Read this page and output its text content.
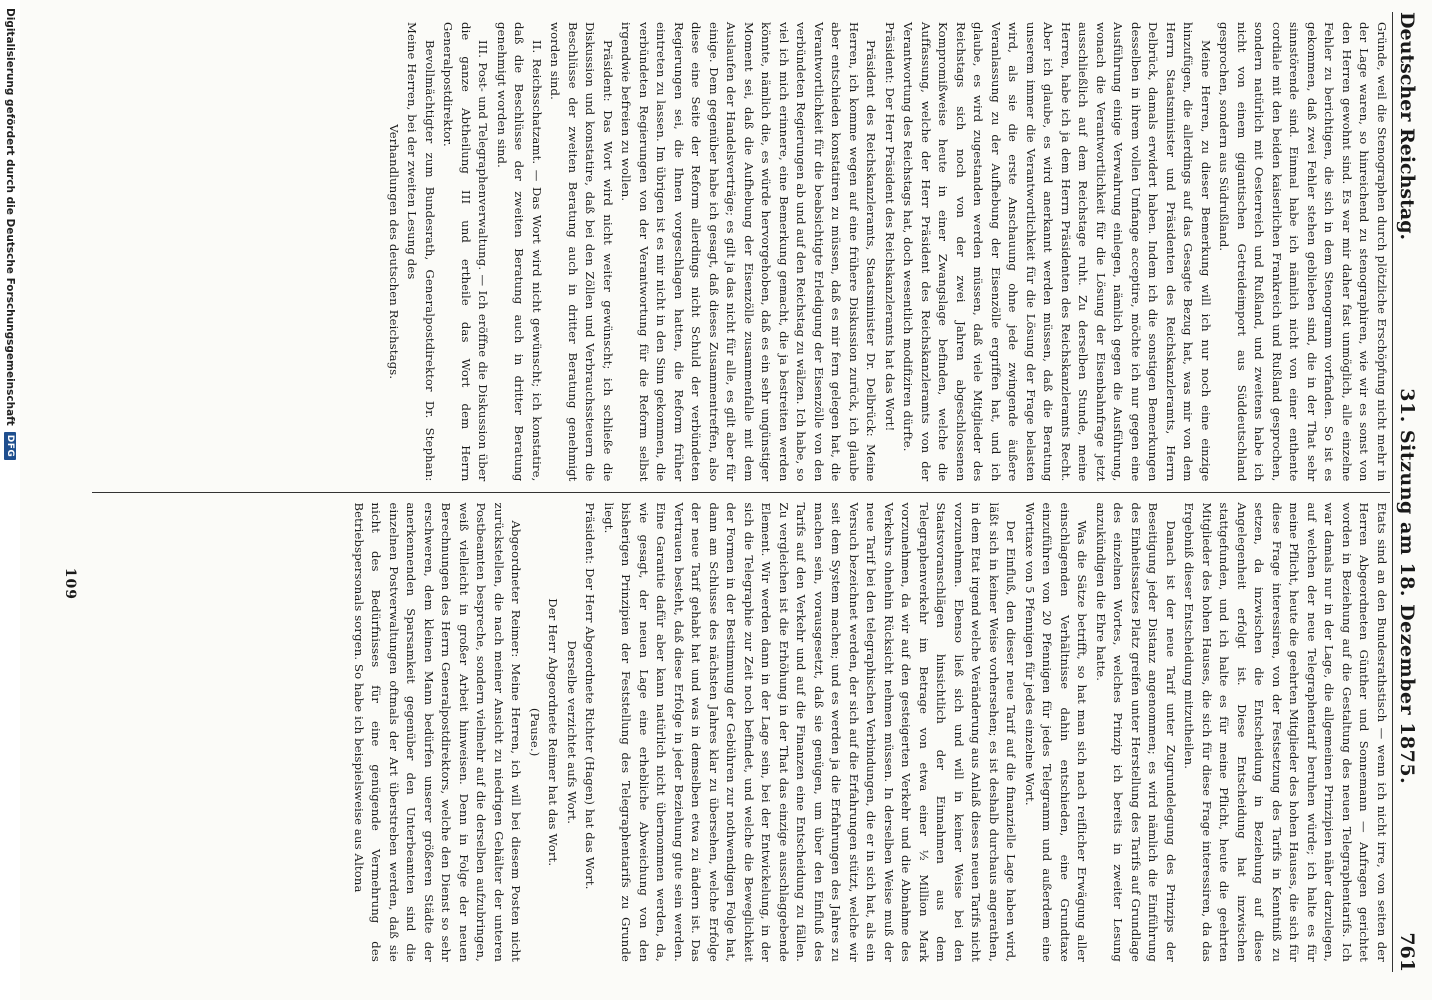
Deutscher Reichstag.
31. Sitzung am 18. Dezember 1875.
761

Gründe, weil die Stenographen durch plötzliche Erschöpfung nicht mehr in der Lage waren, so hinreichend zu stenographiren, wie wir es sonst von den Herren gewohnt sind. Es war mir daher fast unmöglich, alle einzelne Fehler zu berichtigen, die sich in dem Stenogramm vorfanden. So ist es gekommen, daß zwei Fehler stehen geblieben sind, die in der That sehr sinnstörende sind. Einmal habe ich nämlich nicht von einer enthente cordiale mit den beiden kaiserlichen Frankreich und Rußland gesprochen, sondern natürlich mit Oesterreich und Rußland, und zweitens habe ich nicht von einem gigantischen Getreideimport aus Süddeutschland gesprochen, sondern aus Südrußland.

Meine Herren, zu dieser Bemerkung will ich nur noch eine einzige hinzufügen, die allerdings auf das Gesagte Bezug hat, was mir von dem Herrn Staatsminister und Präsidenten des Reichskanzleramts, Herrn Delbrück, damals erwidert haben. Indem ich die sonstigen Bemerkungen desselben in ihrem vollen Umfange acceptire, möchte ich nur gegen eine Ausführung einige Verwahrung einlegen, nämlich gegen die Ausführung, wonach die Verantwortlichkeit für die Lösung der Eisenbahnfrage jetzt ausschließlich auf dem Reichstage ruht. Zu derselben Stunde, meine Herren, habe ich ja dem Herrn Präsidenten des Reichskanzleramts Recht. Aber ich glaube, es wird anerkannt werden müssen, daß die Beratung unserem immer die Verantwortlichkeit für die Lösung der Frage belasten wird, als sie die erste Anschauung ohne jede zwingende äußere Veranlassung zu der Aufhebung der Eisenzölle ergriffen hat, und ich glaube, es wird zugestanden werden müssen, daß viele Mitglieder des Reichstags sich noch von der zwei Jahren abgeschlossenen Kompromißweise heute in einer Zwangslage befinden, welche die Auffassung, welche der Herr Präsident des Reichskanzleramts von der Verantwortung des Reichstags hat, doch wesentlich modifiziren dürfte.

Präsident: Der Herr Präsident des Reichskanzleramts hat das Wort!

Präsident des Reichskanzleramts, Staatsminister Dr. Delbrück: Meine Herren, ich komme wegen auf eine frühere Diskussion zurück, ich glaube aber entschieden konstatiren zu müssen, daß es mir fern gelegen hat, die Verantwortlichkeit für die beabsichtigte Erledigung der Eisenzölle von den verbündeten Regierungen ab und auf den Reichstag zu wälzen. Ich habe, so viel ich mich erinnere, eine Bemerkung gemacht, die ja bestreiten werden könnte, nämlich die, es würde hervorgehoben, daß es ein sehr ungünstiger Moment sei, daß die Aufhebung der Eisenzölle zusammenfalle mit dem Auslaufen der Handelsverträge; es gilt ja das nicht für alle, es gilt aber für einige. Dem gegenüber habe ich gesagt, daß dieses Zusammentreffen, also diese eine Seite der Reform allerdings nicht Schuld der verbündeten Regierungen sei, die Ihnen vorgeschlagen hatten, die Reform früher eintreten zu lassen. Im übrigen ist es mir nicht in den Sinn gekommen, die verbündeten Regierungen von der Verantwortung für die Reform selbst irgendwie befreien zu wollen.

Präsident: Das Wort wird nicht weiter gewünscht; ich schließe die Diskussion und konstatire, daß bei den Zöllen und Verbrauchssteuern die Beschlüsse der zweiten Beratung auch in dritter Beratung genehmigt worden sind.

II. Reichsschatzamt. — Das Wort wird nicht gewünscht; ich konstatire, daß die Beschlüsse der zweiten Beratung auch in dritter Beratung genehmigt worden sind.

III. Post- und Telegraphenverwaltung. — Ich eröffne die Diskussion über die ganze Abtheilung III und ertheile das Wort dem Herrn Generalpostdirektor.

Bevollmächtigter zum Bundesrath, Generalpostdirektor Dr. Stephan: Meine Herren, bei der zweiten Lesung des

Verhandlungen des deutschen Reichstags.

Etats sind an den Bundesrathstisch — wenn ich nicht irre, von seiten der Herren Abgeordneten Günther und Sonnemann — Anfragen gerichtet worden in Beziehung auf die Gestaltung des neuen Telegraphentarifs. Ich war damals nur in der Lage, die allgemeinen Prinzipien näher darzulegen, auf welchen der neue Telegraphentarif beruhen würde; ich halte es für meine Pflicht, heute die geehrten Mitglieder des hohen Hauses, die sich für diese Frage interessiren, von der Festsetzung des Tarifs in Kenntniß zu setzen, da inzwischen die Entscheidung in Beziehung auf diese Angelegenheit erfolgt ist. Diese Entscheidung hat inzwischen stattgefunden, und ich halte es für meine Pflicht, heute die geehrten Mitglieder des hohen Hauses, die sich für diese Frage interessiren, da das Ergebniß dieser Entscheidung mitzutheilen.

Danach ist der neue Tarif unter Zugrundelegung des Prinzips der Beseitigung jeder Distanz angenommen; es wird nämlich die Einführung des Einheitssatzes Platz greifen unter Herstellung des Tarifs auf Grundlage des einzelnen Wortes, welches Prinzip ich bereits in zweiter Lesung anzukündigen die Ehre hatte.

Was die Sätze betrifft, so hat man sich nach reiflicher Erwägung aller einschlagenden Verhältnisse dahin entschieden, eine Grundtaxe einzuführen von 20 Pfennigen für jedes Telegramm und außerdem eine Worttaxe von 5 Pfennigen für jedes einzelne Wort.

Der Einfluß, den dieser neue Tarif auf die finanzielle Lage haben wird, läßt sich in keiner Weise vorhersehen; es ist deshalb durchaus angerathen, in dem Etat irgend welche Veränderung aus Anlaß dieses neuen Tarifs nicht vorzunehmen. Ebenso ließ sich und will in keiner Weise bei den Staatsvoranschlägen hinsichtlich der Einnahmen aus dem Telegraphenverkehr im Betrage von etwa einer ½ Million Mark vorzunehmen, da wir auf den gesteigerten Verkehr und die Abnahme des Verkehrs ohnehin Rücksicht nehmen müssen. In derselben Weise muß der neue Tarif bei den telegraphischen Verbindungen, die er in sich hat, als ein Versuch bezeichnet werden, der sich auf die Erfahrungen stützt, welche wir seit dem System machen; und es werden ja die Erfahrungen des Jahres zu machen sein, vorausgesetzt, daß sie genügen, um über den Einfluß des Tarifs auf den Verkehr und auf die Finanzen eine Entscheidung zu fällen. Zu vergleichen ist die Erhöhung in der That das einzige ausschlaggebende Element. Wir werden dann in der Lage sein, bei der Entwickelung, in der sich die Telegraphie zur Zeit noch befindet, und welche die Beweglichkeit der Formen in der Bestimmung der Gebühren zur nothwendigen Folge hat, dann am Schlusse des nächsten Jahres klar zu übersehen, welche Erfolge der neue Tarif gehabt hat und was in demselben etwa zu ändern ist. Das Vertrauen besteht, daß diese Erfolge in jeder Beziehung gute sein werden. Eine Garantie dafür aber kann natürlich nicht übernommen werden, da, wie gesagt, der neuen Lage eine erhebliche Abweichung von den bisherigen Prinzipien der Feststellung des Telegraphentarifs zu Grunde liegt.

Präsident: Der Herr Abgeordnete Richter (Hagen) hat das Wort.

Derselbe verzichtet aufs Wort.

Der Herr Abgeordnete Reimer hat das Wort.

(Pause.)

Abgeordneter Reimer: Meine Herren, ich will bei diesem Posten nicht zurückstellen, die nach meiner Ansicht zu niedrigen Gehälter der unteren Postbeamten bespreche, sondern vielmehr auf die derselben aufzubringen, weiß vielleicht in großer Arbeit hinweisen. Denn in Folge der neuen Berechnungen des Herrn Generalpostdirektors, welche den Dienst so sehr erschweren, dem kleinen Mann bedürfen unserer größeren Städte der anerkennenden Sparsamkeit gegenüber den Unterbeamten sind die einzelnen Postverwaltungen oftmals der Art überstreben werden, daß sie nicht des Bedürfnisses für eine genügende Vermehrung des Betriebspersonals sorgen. So habe ich beispielsweise aus Altona

109
Digitalisierung gefördert durch die Deutsche Forschungsgemeinschaft
DFG
